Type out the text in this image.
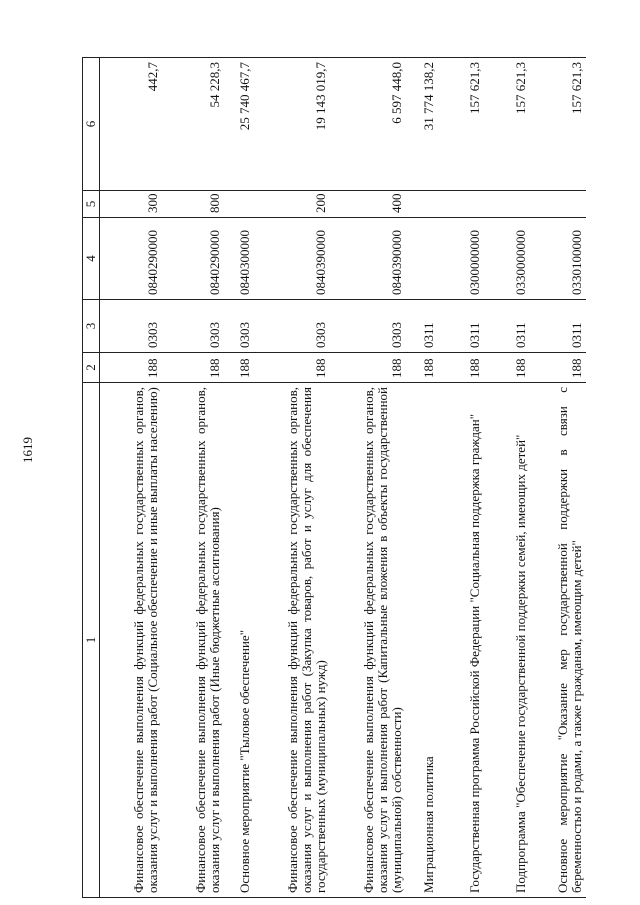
1619
1	2	3	4	5	6
Финансовое обеспечение выполнения функций федеральных государственных органов, оказания услуг и выполнения работ (Социальное обеспечение и иные выплаты населению)	188	0303	0840290000	300	442,7
Финансовое обеспечение выполнения функций федеральных государственных органов, оказания услуг и выполнения работ (Иные бюджетные ассигнования)	188	0303	0840290000	800	54 228,3
Основное мероприятие "Тыловое обеспечение"	188	0303	0840300000		25 740 467,7
Финансовое обеспечение выполнения функций федеральных государственных органов, оказания услуг и выполнения работ (Закупка товаров, работ и услуг для обеспечения государственных (муниципальных) нужд)	188	0303	0840390000	200	19 143 019,7
Финансовое обеспечение выполнения функций федеральных государственных органов, оказания услуг и выполнения работ (Капитальные вложения в объекты государственной (муниципальной) собственности)	188	0303	0840390000	400	6 597 448,0
Миграционная политика	188	0311			31 774 138,2
Государственная программа Российской Федерации "Социальная поддержка граждан"	188	0311	0300000000		157 621,3
Подпрограмма "Обеспечение государственной поддержки семей, имеющих детей"	188	0311	0330000000		157 621,3
Основное мероприятие "Оказание мер государственной поддержки в связи с беременностью и родами, а также гражданам, имеющим детей"	188	0311	0330100000		157 621,3
